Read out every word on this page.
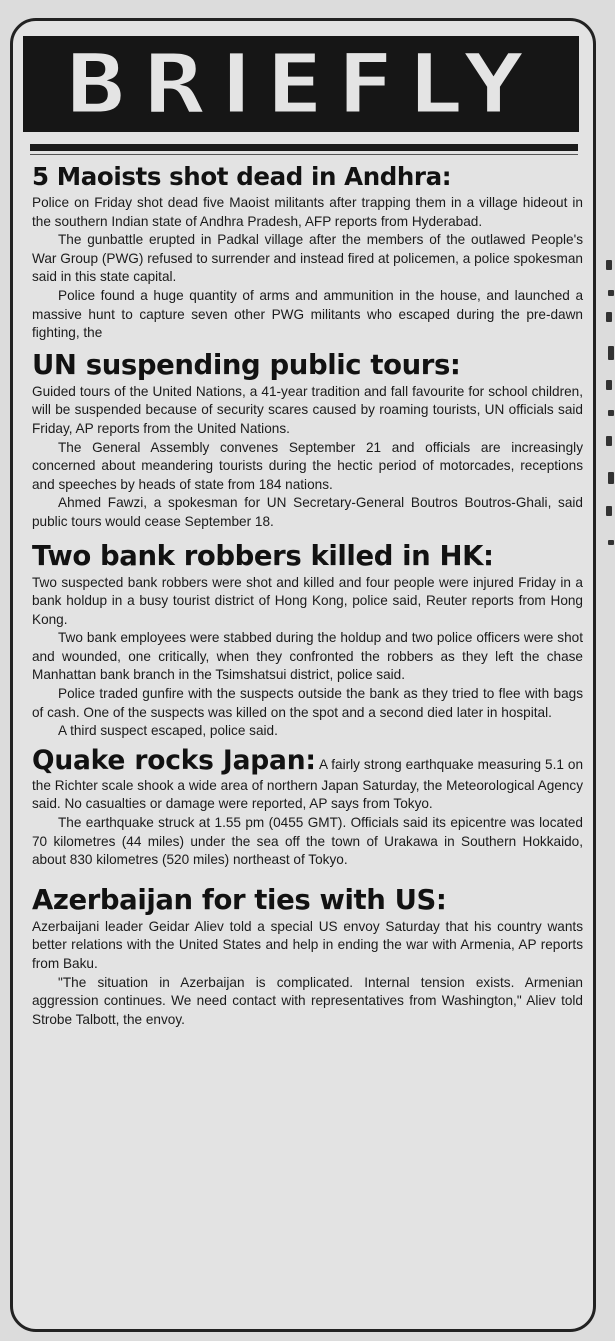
BRIEFLY
5 Maoists shot dead in Andhra:

Police on Friday shot dead five Maoist militants after trapping them in a village hideout in the southern Indian state of Andhra Pradesh, AFP reports from Hyderabad.

The gunbattle erupted in Padkal village after the members of the outlawed People's War Group (PWG) refused to surrender and instead fired at policemen, a police spokesman said in this state capital.

Police found a huge quantity of arms and ammunition in the house, and launched a massive hunt to capture seven other PWG militants who escaped during the pre-dawn fighting, the

UN suspending public tours:

Guided tours of the United Nations, a 41-year tradition and fall favourite for school children, will be suspended because of security scares caused by roaming tourists, UN officials said Friday, AP reports from the United Nations.

The General Assembly convenes September 21 and officials are increasingly concerned about meandering tourists during the hectic period of motorcades, receptions and speeches by heads of state from 184 nations.

Ahmed Fawzi, a spokesman for UN Secretary-General Boutros Boutros-Ghali, said public tours would cease September 18.

Two bank robbers killed in HK:

Two suspected bank robbers were shot and killed and four people were injured Friday in a bank holdup in a busy tourist district of Hong Kong, police said, Reuter reports from Hong Kong.

Two bank employees were stabbed during the holdup and two police officers were shot and wounded, one critically, when they confronted the robbers as they left the chase Manhattan bank branch in the Tsimshatsui district, police said.

Police traded gunfire with the suspects outside the bank as they tried to flee with bags of cash. One of the suspects was killed on the spot and a second died later in hospital.

A third suspect escaped, police said.

Quake rocks Japan: A fairly strong earthquake measuring 5.1 on the Richter scale shook a wide area of northern Japan Saturday, the Meteorological Agency said. No casualties or damage were reported, AP says from Tokyo.

The earthquake struck at 1.55 pm (0455 GMT). Officials said its epicentre was located 70 kilometres (44 miles) under the sea off the town of Urakawa in Southern Hokkaido, about 830 kilometres (520 miles) northeast of Tokyo.

Azerbaijan for ties with US:

Azerbaijani leader Geidar Aliev told a special US envoy Saturday that his country wants better relations with the United States and help in ending the war with Armenia, AP reports from Baku.

"The situation in Azerbaijan is complicated. Internal tension exists. Armenian aggression continues. We need contact with representatives from Washington," Aliev told Strobe Talbott, the envoy.
